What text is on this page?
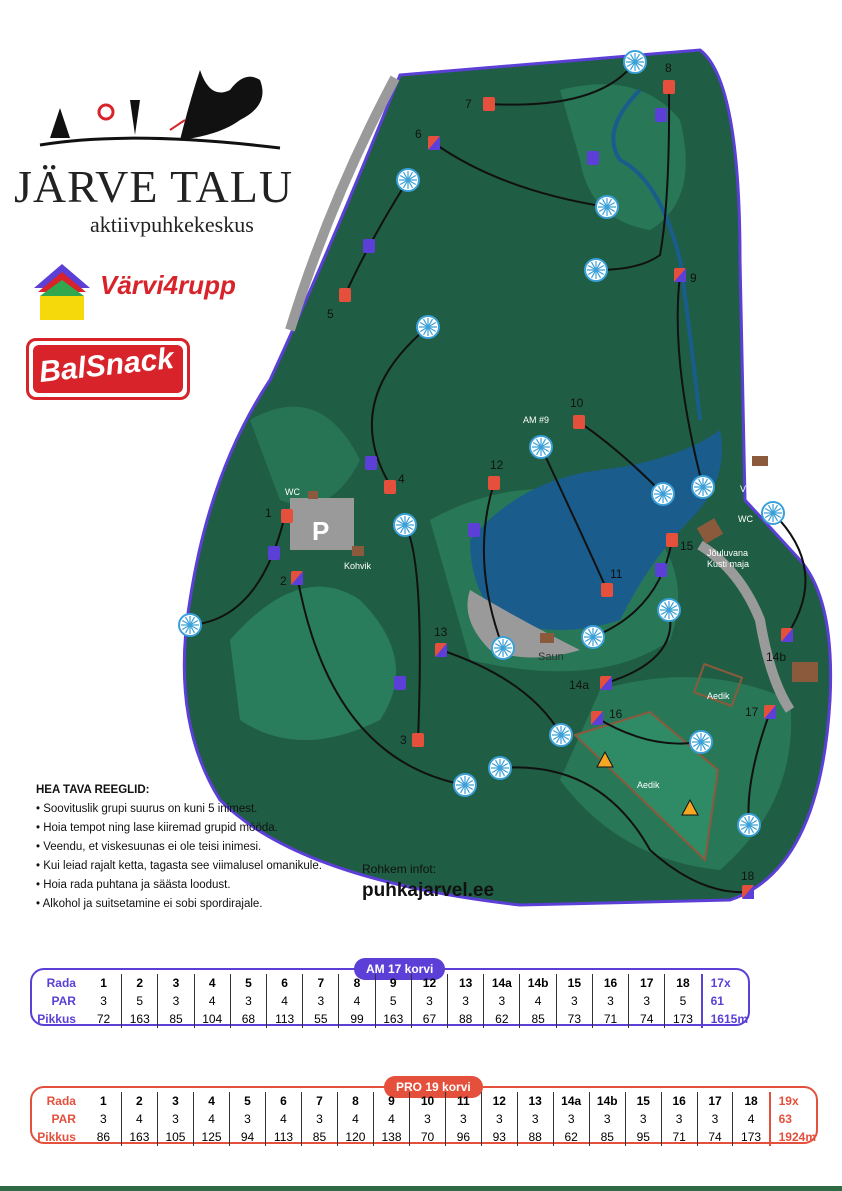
P
WC
Kohvik
Saun
Vibulasketorn
WC
Jõuluvana
Kusti maja
Aedik
Aedik
AM #9
1
2
3
4
5
6
7
8
9
10
11
12
13
14a
14b
15
16	17
18
JÄRVE TALU
aktiivpuhkekeskus
Värvi4rupp
BalSnack
HEA TAVA REEGLID:
• Soovituslik grupi suurus on kuni 5 inimest.
• Hoia tempot ning lase kiiremad grupid mööda.
• Veendu, et viskesuunas ei ole teisi inimesi.
• Kui leiad rajalt ketta, tagasta see viimalusel omanikule.
• Hoia rada puhtana ja säästa loodust.
• Alkohol ja suitsetamine ei sobi spordirajale.
Rohkem infot:
puhkajarvel.ee
AM 17 korvi
Rada	1	2	3	4	5	6	7	8	9	12	13	14a	14b	15	16	17	18	17x
PAR	3	5	3	4	3	4	3	4	5	3	3	3	4	3	3	3	5	61
Pikkus	72	163	85	104	68	113	55	99	163	67	88	62	85	73	71	74	173	1615m
PRO 19 korvi
Rada	1	2	3	4	5	6	7	8	9	10	11	12	13	14a	14b	15	16	17	18	19x
PAR	3	4	3	4	3	4	3	4	4	3	3	3	3	3	3	3	3	3	4	63
Pikkus	86	163	105	125	94	113	85	120	138	70	96	93	88	62	85	95	71	74	173	1924m
